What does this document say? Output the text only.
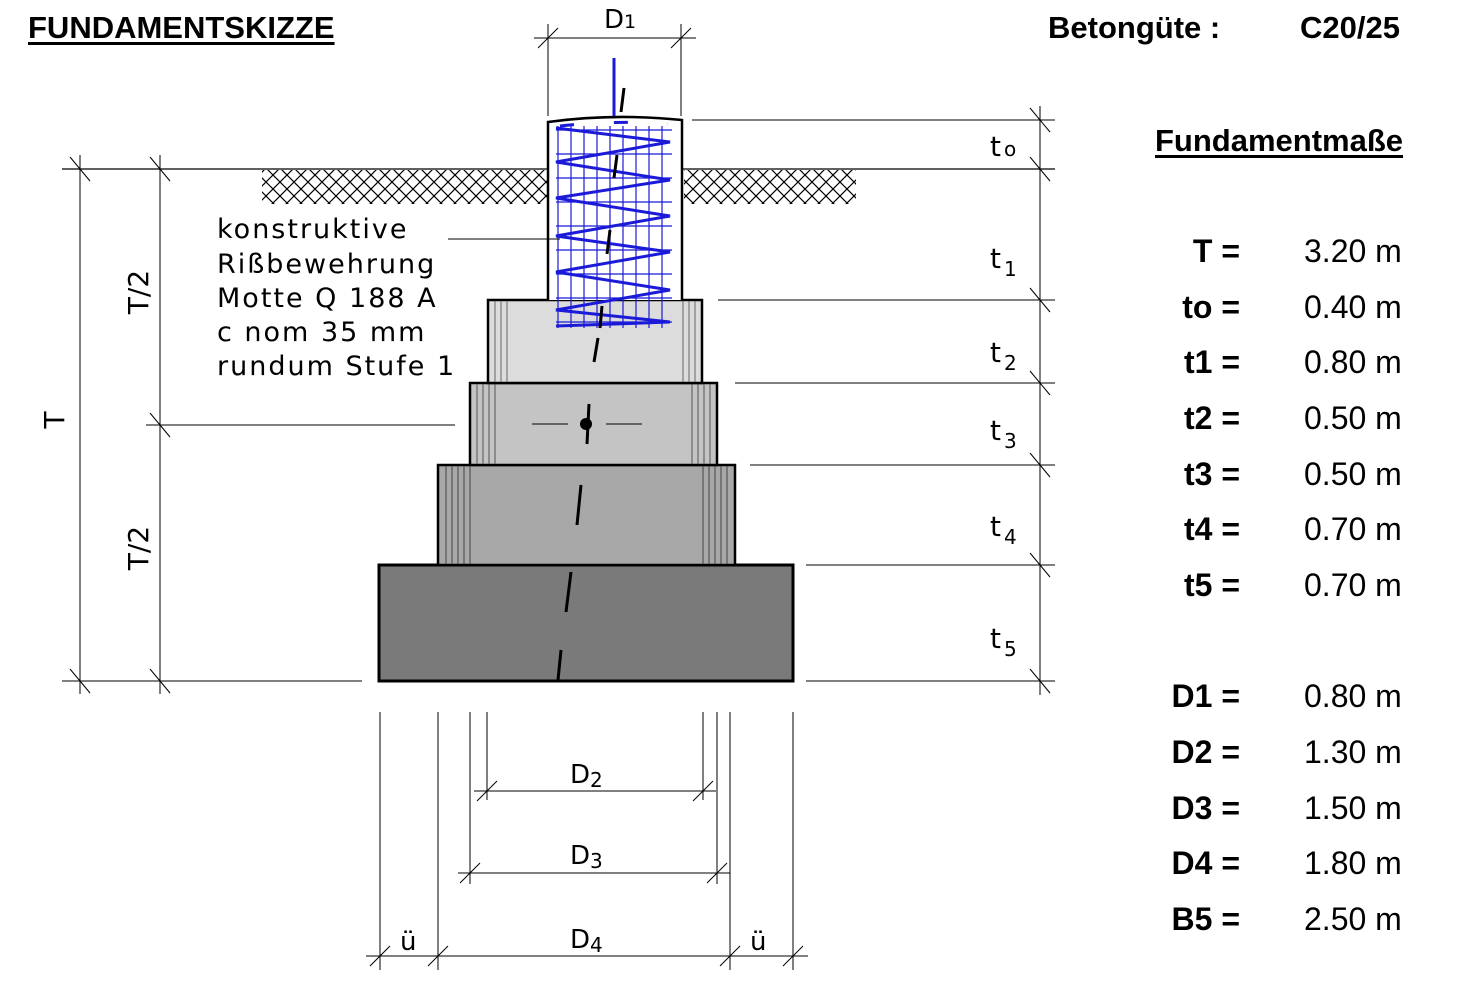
FUNDAMENTSKIZZE	Betongüte :	C20/25
Fundamentmaße
T = 3.20 m
to = 0.40 m
t1 = 0.80 m
t2 = 0.50 m
t3 = 0.50 m
t4 = 0.70 m
t5 = 0.70 m
D1 = 0.80 m
D2 = 1.30 m
D3 = 1.50 m
D4 = 1.80 m
B5 = 2.50 m
t o
t $_1$
t $_2$
t $_3$
t $_4$
t $_5$
T
T/2
T/2
konstruktive
Rißbewehrung
Motte Q 188 A
c nom 35 mm
rundum Stufe 1
D1
D2
D3
D4
ü	ü
